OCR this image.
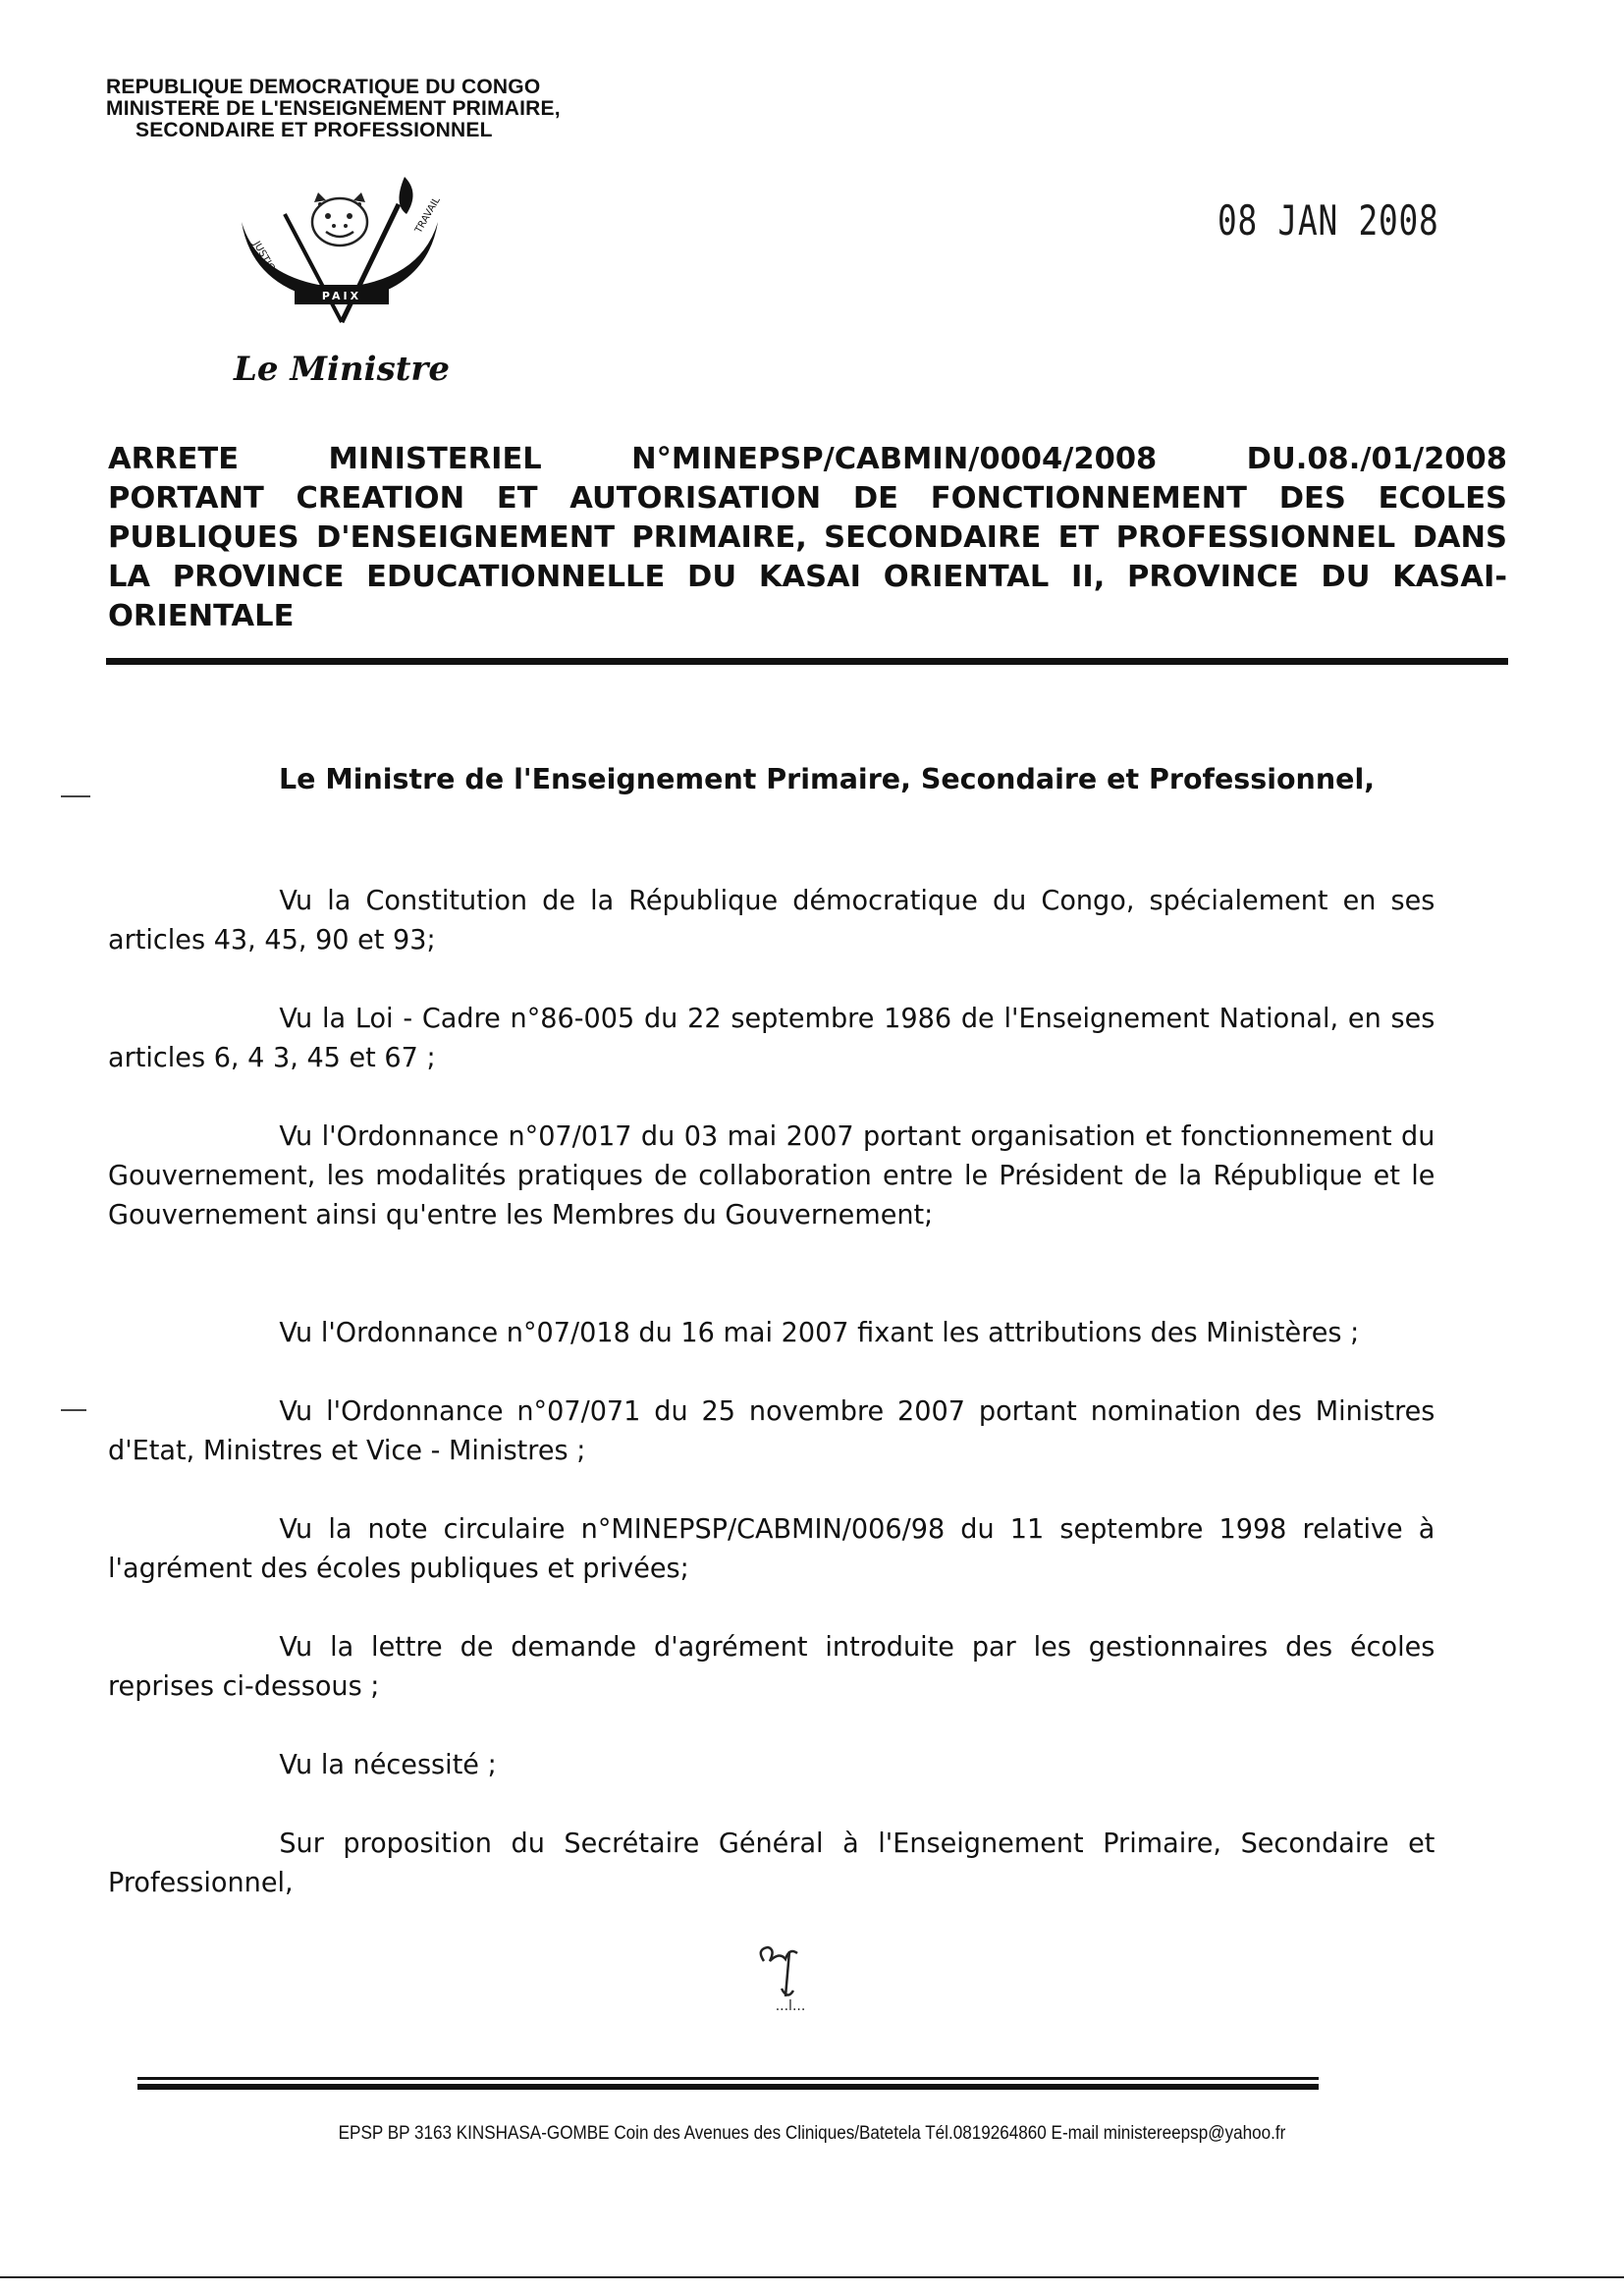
REPUBLIQUE DEMOCRATIQUE DU CONGO
MINISTERE DE L'ENSEIGNEMENT PRIMAIRE,
SECONDAIRE ET PROFESSIONNEL
PAIX
JUSTICE
TRAVAIL	08 JAN 2008
Le Ministre
ARRETE	MINISTERIEL	N°MINEPSP/CABMIN/0004/2008	DU.08./01/2008
PORTANT CREATION ET AUTORISATION DE FONCTIONNEMENT DES ECOLES
PUBLIQUES D'ENSEIGNEMENT PRIMAIRE, SECONDAIRE ET PROFESSIONNEL DANS
LA PROVINCE EDUCATIONNELLE DU KASAI ORIENTAL II, PROVINCE DU KASAI-
ORIENTALE
Le Ministre de l'Enseignement Primaire, Secondaire et Professionnel,
Vu la Constitution de la République démocratique du Congo, spécialement en ses articles 43, 45, 90 et 93;
Vu la Loi - Cadre n°86-005 du 22 septembre 1986 de l'Enseignement National, en ses articles 6, 4 3, 45 et 67 ;
Vu l'Ordonnance n°07/017 du 03 mai 2007 portant organisation et fonctionnement du Gouvernement, les modalités pratiques de collaboration entre le Président de la République et le Gouvernement ainsi qu'entre les Membres du Gouvernement;
Vu l'Ordonnance n°07/018 du 16 mai 2007 fixant les attributions des Ministères ;
Vu l'Ordonnance n°07/071 du 25 novembre 2007 portant nomination des Ministres d'Etat, Ministres et Vice - Ministres ;
Vu la note circulaire n°MINEPSP/CABMIN/006/98 du 11 septembre 1998 relative à l'agrément des écoles publiques et privées;
Vu la lettre de demande d'agrément introduite par les gestionnaires des écoles reprises ci-dessous ;
Vu la nécessité ;
Sur proposition du Secrétaire Général à l'Enseignement Primaire, Secondaire et Professionnel,
...l...
EPSP BP 3163 KINSHASA-GOMBE Coin des Avenues des Cliniques/Batetela Tél.0819264860 E-mail ministereepsp@yahoo.fr
